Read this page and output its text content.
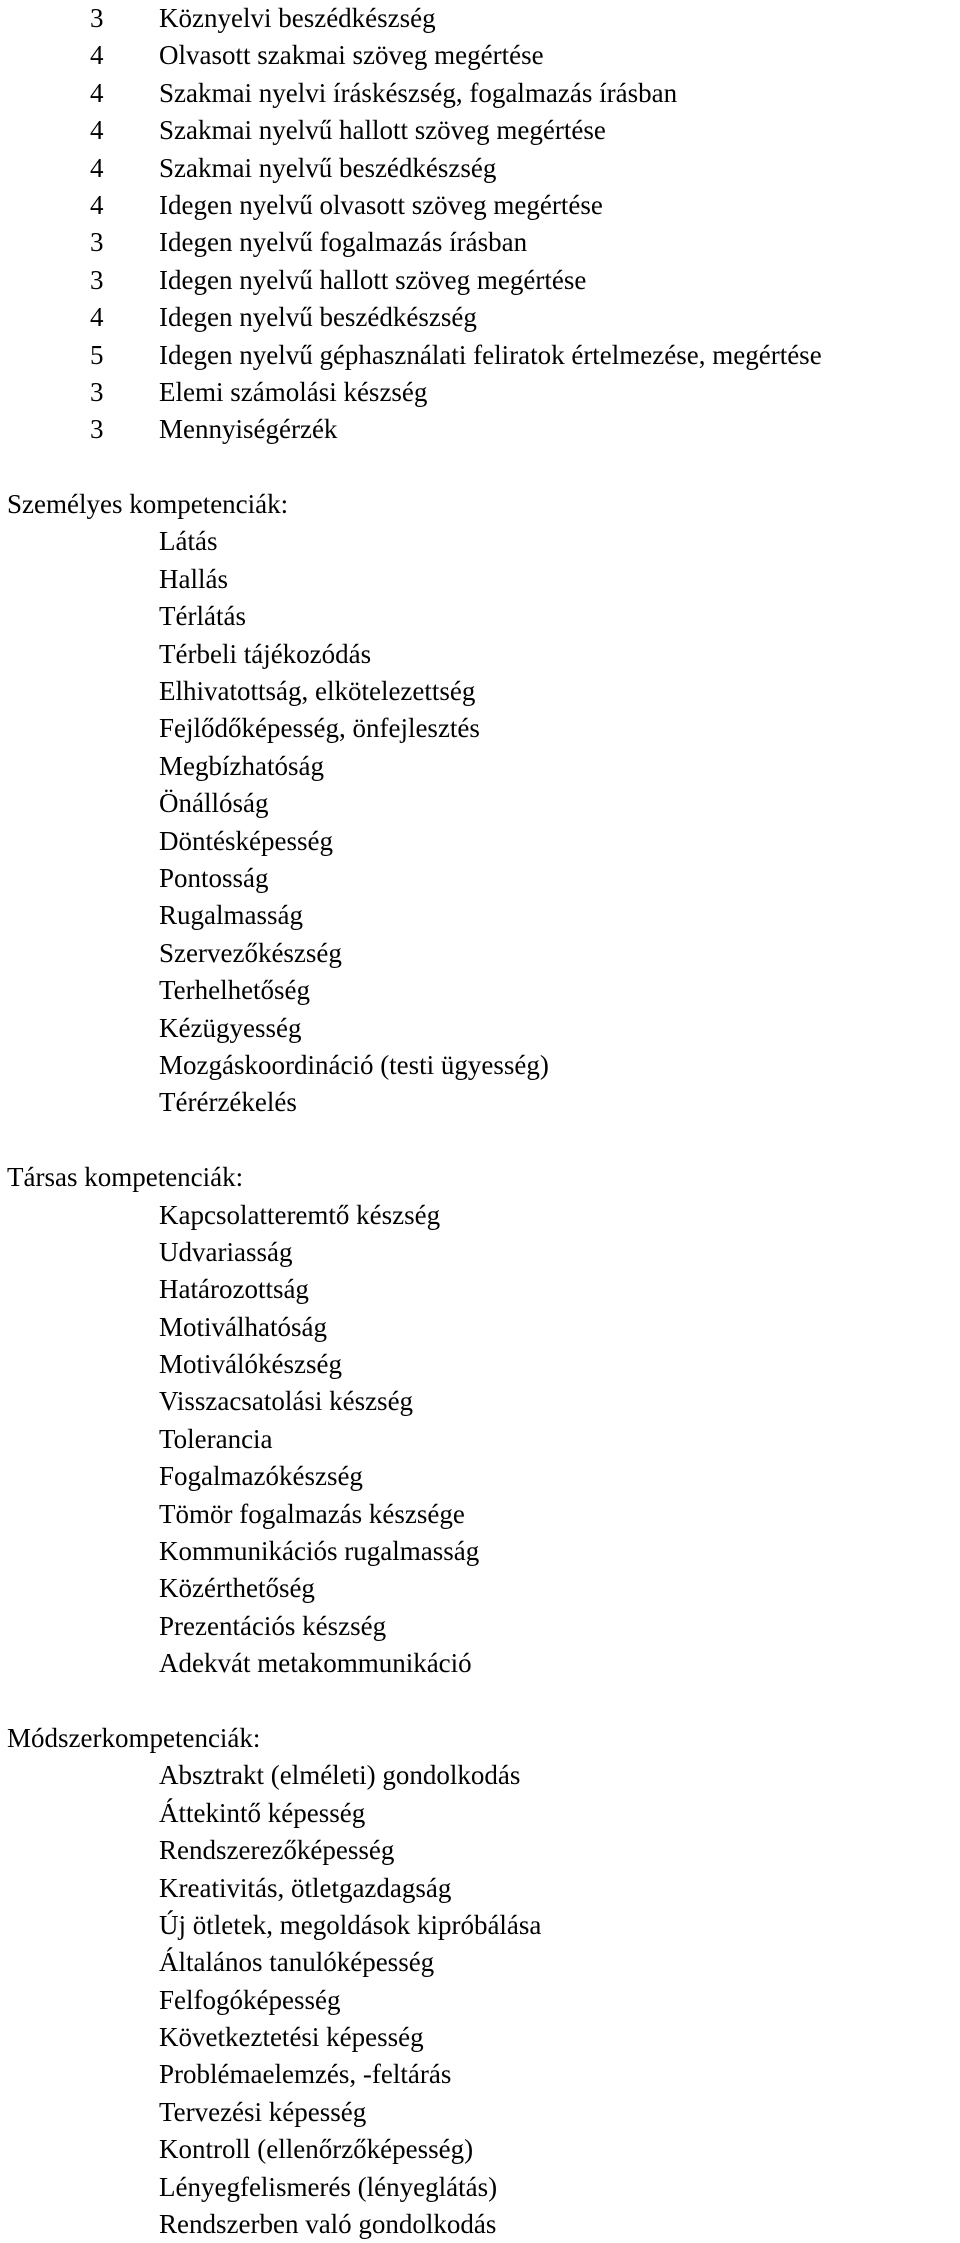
3 Köznyelvi beszédkészség
4 Olvasott szakmai szöveg megértése
4 Szakmai nyelvi íráskészség, fogalmazás írásban
4 Szakmai nyelvű hallott szöveg megértése
4 Szakmai nyelvű beszédkészség
4 Idegen nyelvű olvasott szöveg megértése
3 Idegen nyelvű fogalmazás írásban
3 Idegen nyelvű hallott szöveg megértése
4 Idegen nyelvű beszédkészség
5 Idegen nyelvű géphasználati feliratok értelmezése, megértése
3 Elemi számolási készség
3 Mennyiségérzék
Személyes kompetenciák:
Látás
Hallás
Térlátás
Térbeli tájékozódás
Elhivatottság, elkötelezettség
Fejlődőképesség, önfejlesztés
Megbízhatóság
Önállóság
Döntésképesség
Pontosság
Rugalmasság
Szervezőkészség
Terhelhetőség
Kézügyesség
Mozgáskoordináció (testi ügyesség)
Térérzékelés
Társas kompetenciák:
Kapcsolatteremtő készség
Udvariasság
Határozottság
Motiválhatóság
Motiválókészség
Visszacsatolási készség
Tolerancia
Fogalmazókészség
Tömör fogalmazás készsége
Kommunikációs rugalmasság
Közérthetőség
Prezentációs készség
Adekvát metakommunikáció
Módszerkompetenciák:
Absztrakt (elméleti) gondolkodás
Áttekintő képesség
Rendszerezőképesség
Kreativitás, ötletgazdagság
Új ötletek, megoldások kipróbálása
Általános tanulóképesség
Felfogóképesség
Következtetési képesség
Problémaelemzés, -feltárás
Tervezési képesség
Kontroll (ellenőrzőképesség)
Lényegfelismerés (lényeglátás)
Rendszerben való gondolkodás
